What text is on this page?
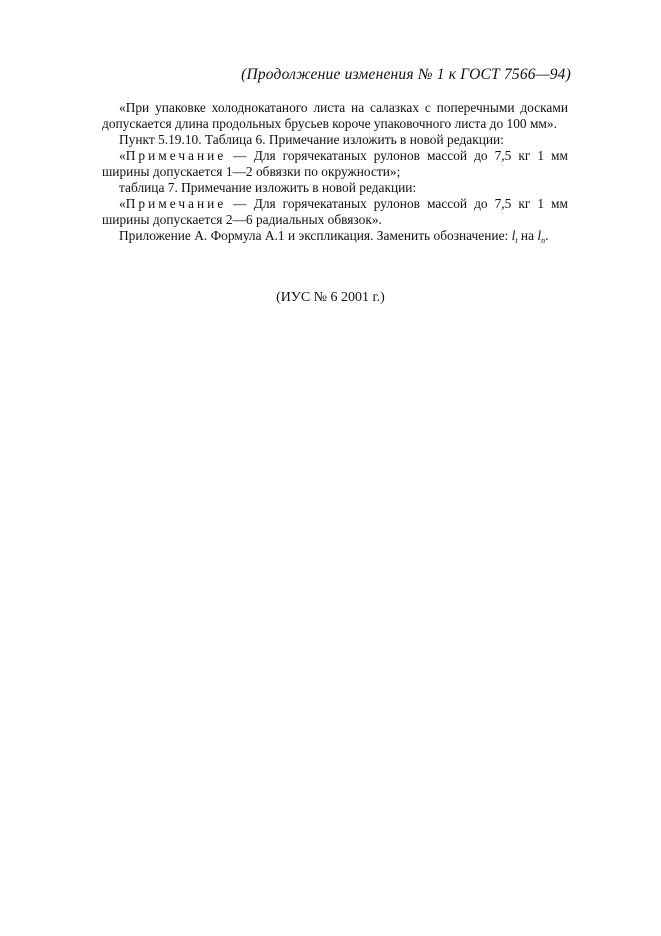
(Продолжение изменения № 1 к ГОСТ 7566—94)

«При упаковке холоднокатаного листа на салазках с поперечными досками допускается длина продольных брусьев короче упаковочного листа до 100 мм».

Пункт 5.19.10. Таблица 6. Примечание изложить в новой редакции:

«Примечание — Для горячекатаных рулонов массой до 7,5 кг 1 мм ширины допускается 1—2 обвязки по окружности»;

таблица 7. Примечание изложить в новой редакции:

«Примечание — Для горячекатаных рулонов массой до 7,5 кг 1 мм ширины допускается 2—6 радиальных обвязок».

Приложение А. Формула А.1 и экспликация. Заменить обозначение: $l_t$ на $l_n$.

(ИУС № 6 2001 г.)
